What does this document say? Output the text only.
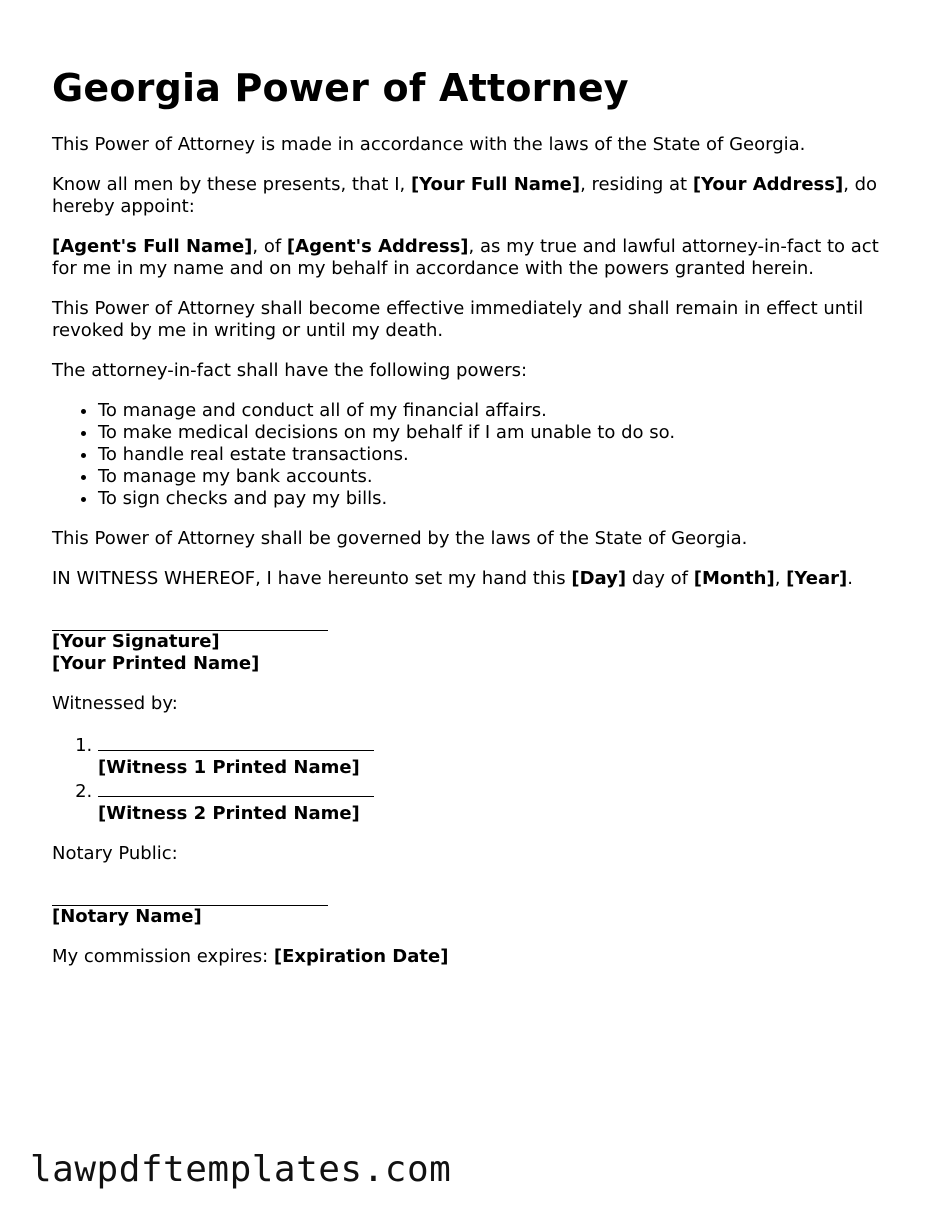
Georgia Power of Attorney

This Power of Attorney is made in accordance with the laws of the State of Georgia.

Know all men by these presents, that I, [Your Full Name], residing at [Your Address], do hereby appoint:

[Agent's Full Name], of [Agent's Address], as my true and lawful attorney-in-fact to act for me in my name and on my behalf in accordance with the powers granted herein.

This Power of Attorney shall become effective immediately and shall remain in effect until revoked by me in writing or until my death.

The attorney-in-fact shall have the following powers:

• To manage and conduct all of my financial affairs.
• To make medical decisions on my behalf if I am unable to do so.
• To handle real estate transactions.
• To manage my bank accounts.
• To sign checks and pay my bills.

This Power of Attorney shall be governed by the laws of the State of Georgia.

IN WITNESS WHEREOF, I have hereunto set my hand this [Day] day of [Month], [Year].

[Your Signature]
[Your Printed Name]

Witnessed by:

1. [Witness 1 Printed Name]

2. [Witness 2 Printed Name]

Notary Public:

[Notary Name]

My commission expires: [Expiration Date]

lawpdftemplates.com
